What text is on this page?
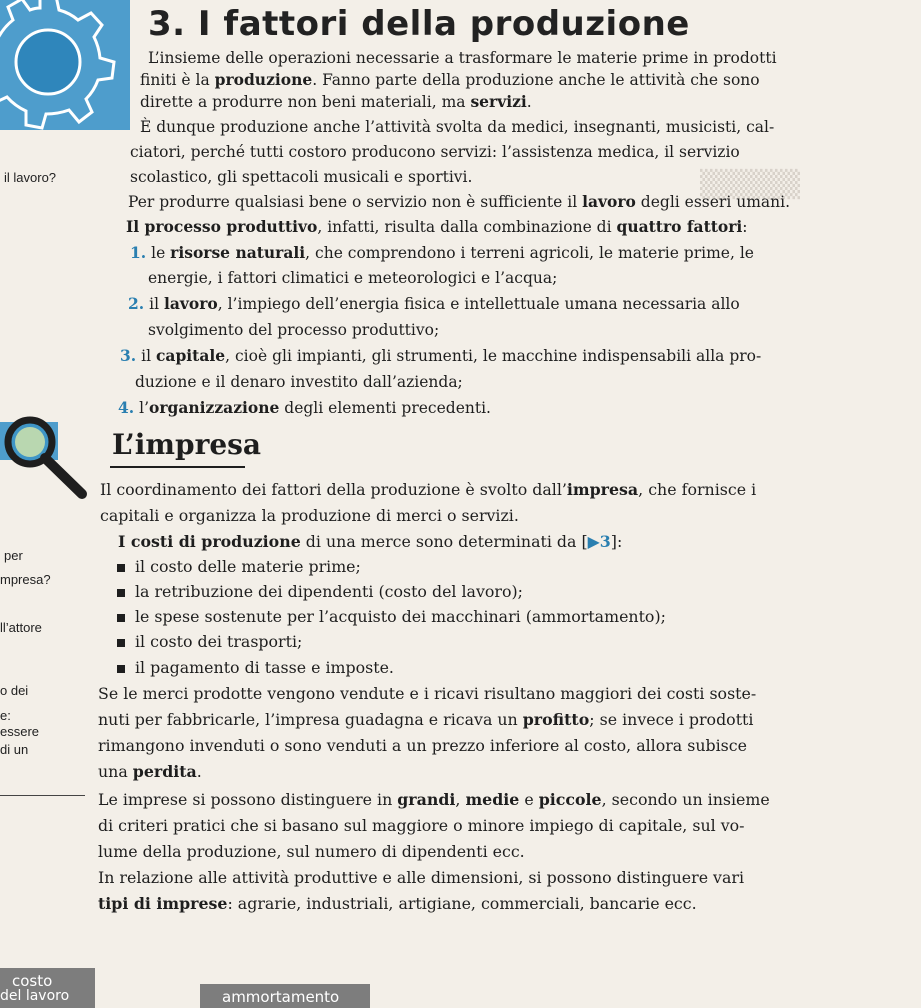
3. I fattori della produzione
▒▒▒▒▒
L’insieme delle operazioni necessarie a trasformare le materie prime in prodotti
finiti è la produzione. Fanno parte della produzione anche le attività che sono
dirette a produrre non beni materiali, ma servizi.
È dunque produzione anche l’attività svolta da medici, insegnanti, musicisti, cal-
ciatori, perché tutti costoro producono servizi: l’assistenza medica, il servizio
scolastico, gli spettacoli musicali e sportivi.
Per produrre qualsiasi bene o servizio non è sufficiente il lavoro degli esseri umani.
Il processo produttivo, infatti, risulta dalla combinazione di quattro fattori:
il lavoro?
1. le risorse naturali, che comprendono i terreni agricoli, le materie prime, le
energie, i fattori climatici e meteorologici e l’acqua;
2. il lavoro, l’impiego dell’energia fisica e intellettuale umana necessaria allo
svolgimento del processo produttivo;
3. il capitale, cioè gli impianti, gli strumenti, le macchine indispensabili alla pro-
duzione e il denaro investito dall’azienda;
4. l’organizzazione degli elementi precedenti.
L’impresa
Il coordinamento dei fattori della produzione è svolto dall’impresa, che fornisce i
capitali e organizza la produzione di merci o servizi.
I costi di produzione di una merce sono determinati da [▶3]:
il costo delle materie prime;
la retribuzione dei dipendenti (costo del lavoro);
le spese sostenute per l’acquisto dei macchinari (ammortamento);
il costo dei trasporti;
il pagamento di tasse e imposte.
Se le merci prodotte vengono vendute e i ricavi risultano maggiori dei costi soste-
nuti per fabbricarle, l’impresa guadagna e ricava un profitto; se invece i prodotti
rimangono invenduti o sono venduti a un prezzo inferiore al costo, allora subisce
una perdita.
Le imprese si possono distinguere in grandi, medie e piccole, secondo un insieme
di criteri pratici che si basano sul maggiore o minore impiego di capitale, sul vo-
lume della produzione, sul numero di dipendenti ecc.
In relazione alle attività produttive e alle dimensioni, si possono distinguere vari
tipi di imprese: agrarie, industriali, artigiane, commerciali, bancarie ecc.
per
mpresa?
ll’attore
o dei
e:
essere
di un
costo
del lavoro	ammortamento
